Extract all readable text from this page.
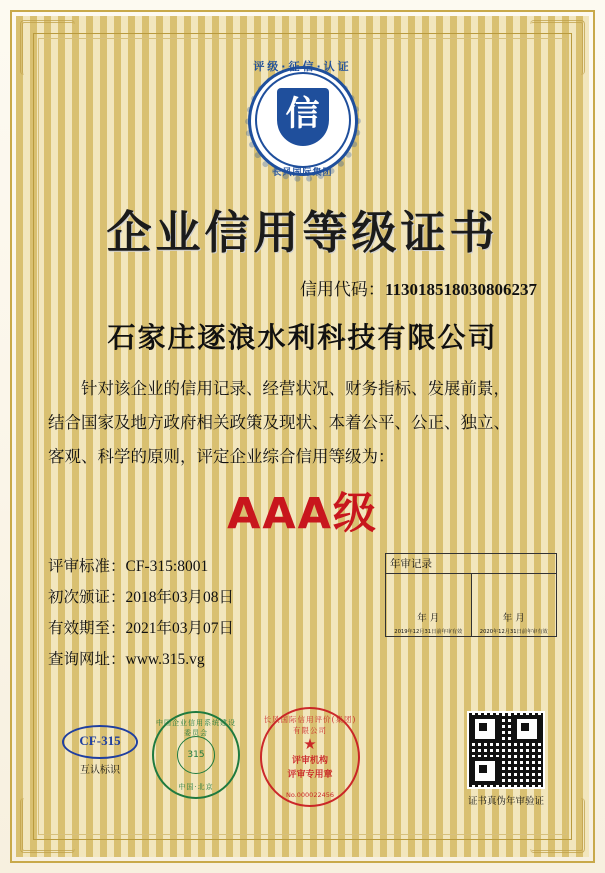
评级·征信·认证
信
长风国际集团
企业信用等级证书
信用代码：113018518030806237
石家庄逐浪水利科技有限公司

针对该企业的信用记录、经营状况、财务指标、发展前景，

结合国家及地方政府相关政策及现状、本着公平、公正、独立、

客观、科学的原则，评定企业综合信用等级为：

AAA级
评审标准：CF-315:8001
初次颁证：2018年03月08日
有效期至：2021年03月07日
查询网址：www.315.vg
年审记录
年 月
2019年12月31日前年审有效
年 月
2020年12月31日前年审有效
CF-315
互认标识
中国企业信用系统建设委员会
315
中国·北京
长风国际信用评价(集团)有限公司
★
评审机构
评审专用章
No.000022456
证书真伪年审验证
